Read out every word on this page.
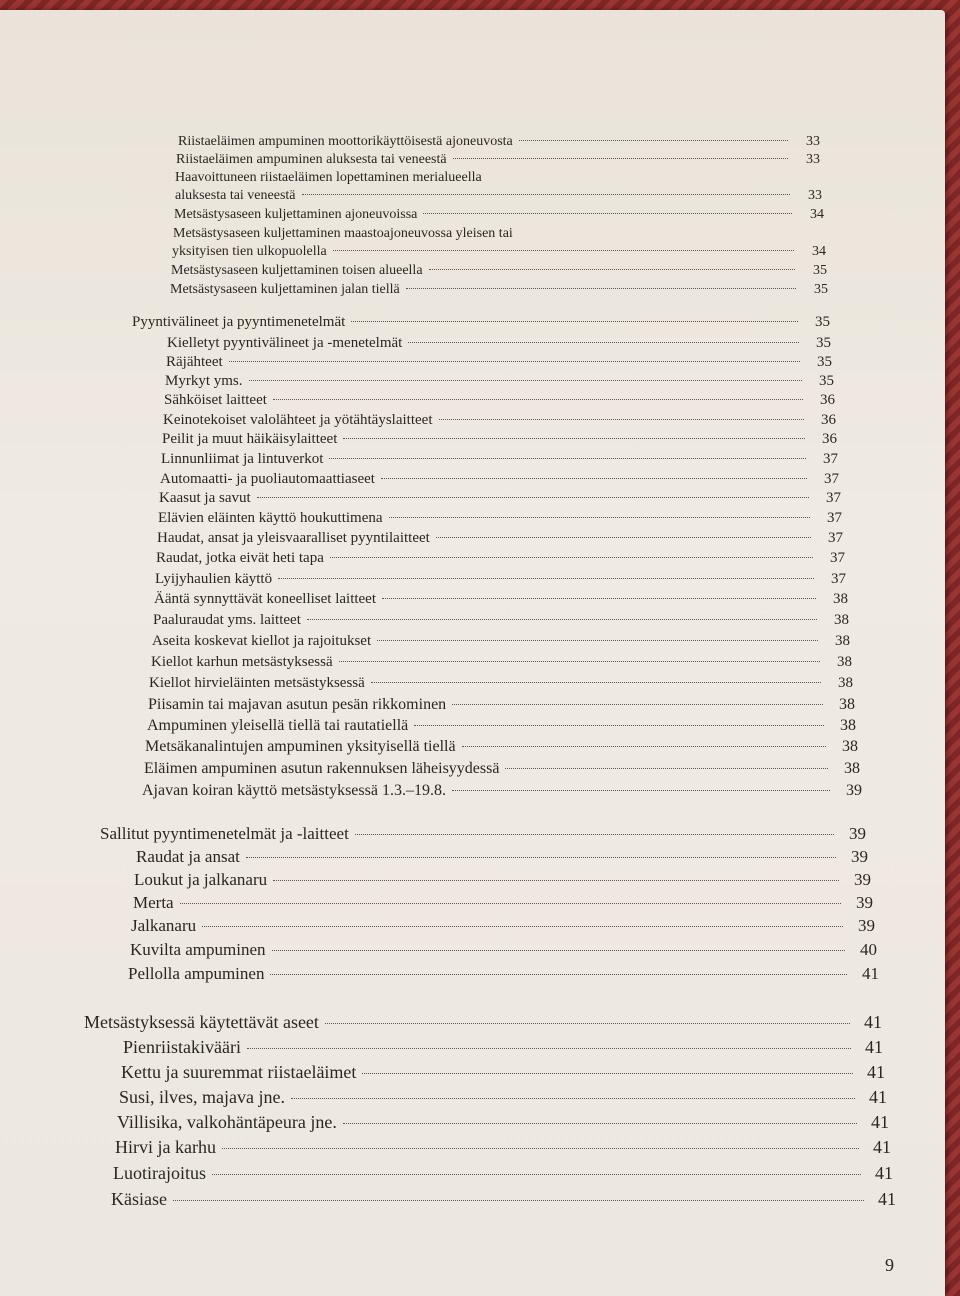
Riistaeläimen ampuminen moottorikäyttöisestä ajoneuvosta	33
Riistaeläimen ampuminen aluksesta tai veneestä	33
Haavoittuneen riistaeläimen lopettaminen merialueella
aluksesta tai veneestä	33
Metsästysaseen kuljettaminen ajoneuvoissa	34
Metsästysaseen kuljettaminen maastoajoneuvossa yleisen tai
yksityisen tien ulkopuolella	34
Metsästysaseen kuljettaminen toisen alueella	35
Metsästysaseen kuljettaminen jalan tiellä	35
Pyyntivälineet ja pyyntimenetelmät	35
Kielletyt pyyntivälineet ja -menetelmät	35
Räjähteet	35
Myrkyt yms.	35
Sähköiset laitteet	36
Keinotekoiset valolähteet ja yötähtäyslaitteet	36
Peilit ja muut häikäisylaitteet	36
Linnunliimat ja lintuverkot	37
Automaatti- ja puoliautomaattiaseet	37
Kaasut ja savut	37
Elävien eläinten käyttö houkuttimena	37
Haudat, ansat ja yleisvaaralliset pyyntilaitteet	37
Raudat, jotka eivät heti tapa	37
Lyijyhaulien käyttö	37
Ääntä synnyttävät koneelliset laitteet	38
Paaluraudat yms. laitteet	38
Aseita koskevat kiellot ja rajoitukset	38
Kiellot karhun metsästyksessä	38
Kiellot hirvieläinten metsästyksessä	38
Piisamin tai majavan asutun pesän rikkominen	38
Ampuminen yleisellä tiellä tai rautatiellä	38
Metsäkanalintujen ampuminen yksityisellä tiellä	38
Eläimen ampuminen asutun rakennuksen läheisyydessä	38
Ajavan koiran käyttö metsästyksessä 1.3.–19.8.	39
Sallitut pyyntimenetelmät ja -laitteet	39
Raudat ja ansat	39
Loukut ja jalkanaru	39
Merta	39
Jalkanaru	39
Kuvilta ampuminen	40
Pellolla ampuminen	41
Metsästyksessä käytettävät aseet	41
Pienriistakivääri	41
Kettu ja suuremmat riistaeläimet	41
Susi, ilves, majava jne.	41
Villisika, valkohäntäpeura jne.	41
Hirvi ja karhu	41
Luotirajoitus	41
Käsiase	41
9
